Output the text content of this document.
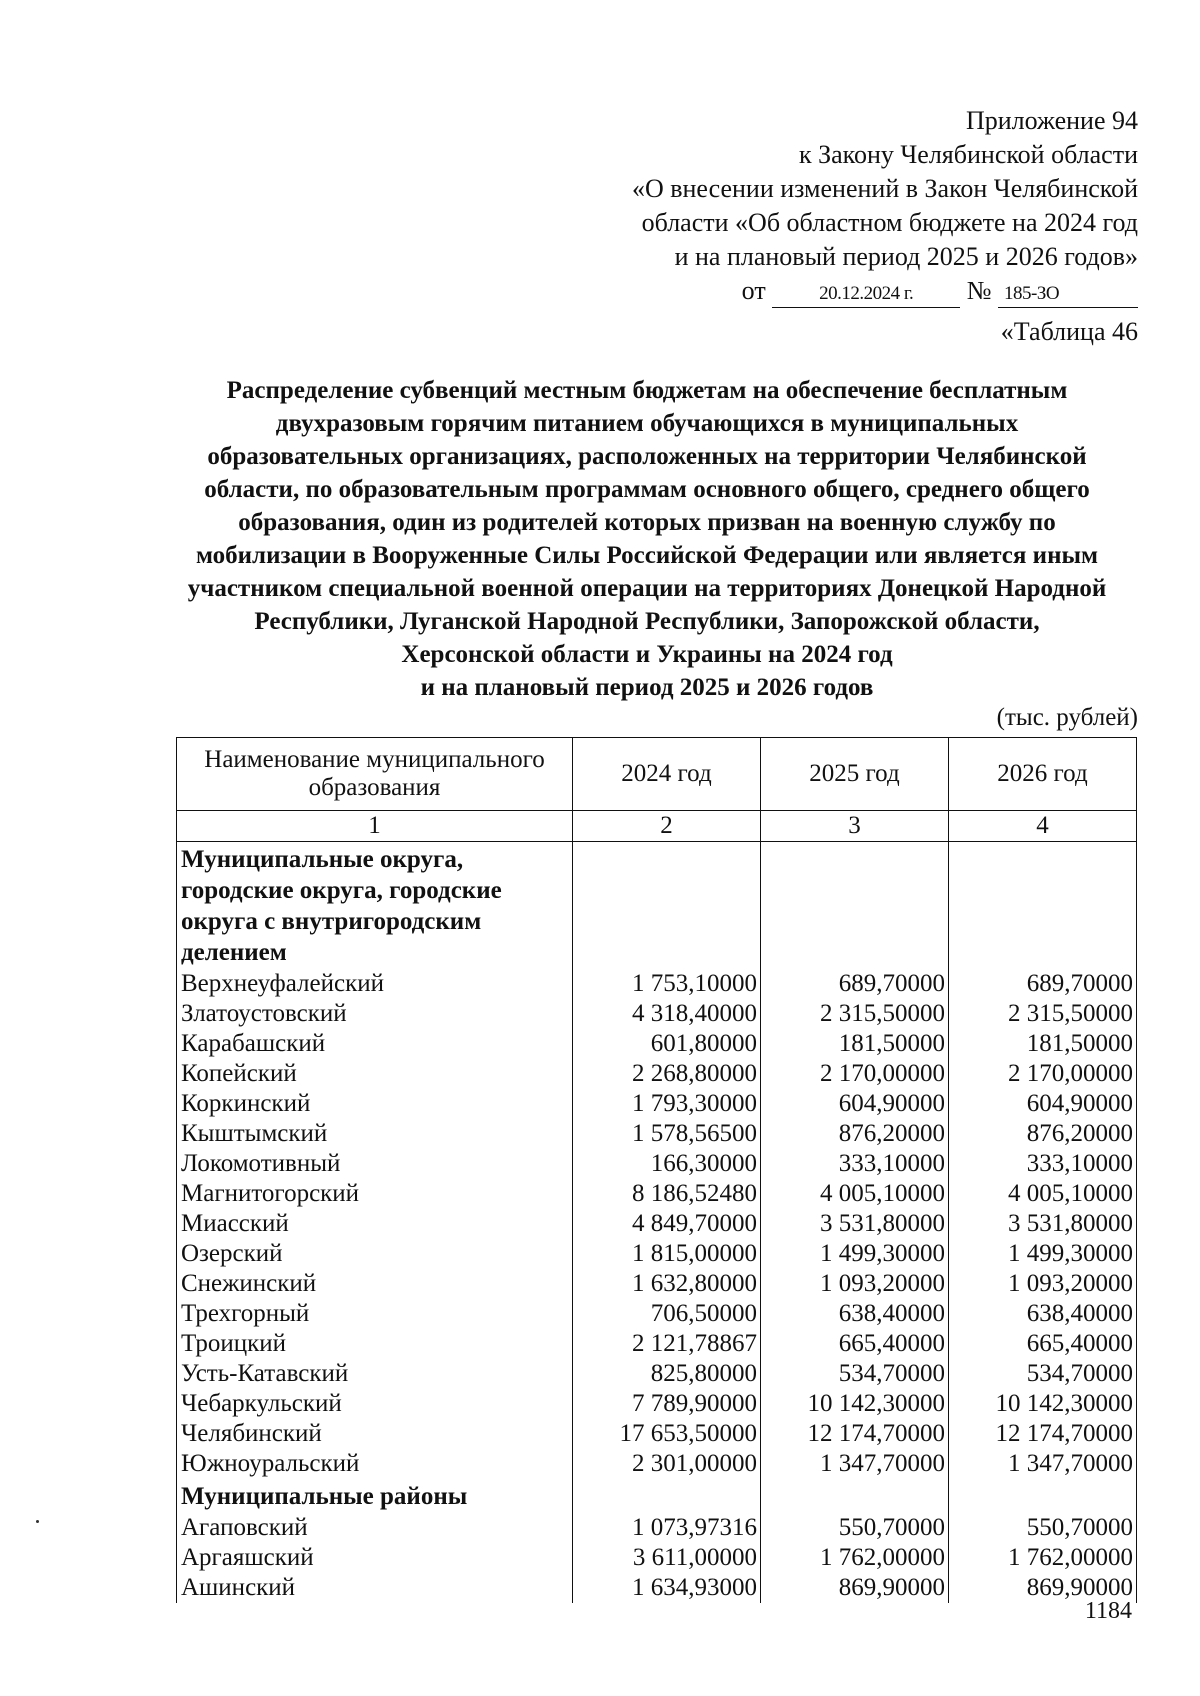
Приложение 94
к Закону Челябинской области
«О внесении изменений в Закон Челябинской
области «Об областном бюджете на 2024 год
и на плановый период 2025 и 2026 годов»
от	20.12.2024 г. № 185-ЗО
«Таблица 46
Распределение субвенций местным бюджетам на обеспечение бесплатным
двухразовым горячим питанием обучающихся в муниципальных
образовательных организациях, расположенных на территории Челябинской
области, по образовательным программам основного общего, среднего общего
образования, один из родителей которых призван на военную службу по
мобилизации в Вооруженные Силы Российской Федерации или является иным
участником специальной военной операции на территориях Донецкой Народной
Республики, Луганской Народной Республики, Запорожской области,
Херсонской области и Украины на 2024 год
и на плановый период 2025 и 2026 годов
(тыс. рублей)
Наименование муниципального образования	2024 год	2025 год	2026 год
1	2	3	4
Муниципальные округа, городские округа, городские округа с внутригородским делением			
Верхнеуфалейский	1 753,10000	689,70000	689,70000
Златоустовский	4 318,40000	2 315,50000	2 315,50000
Карабашский	601,80000	181,50000	181,50000
Копейский	2 268,80000	2 170,00000	2 170,00000
Коркинский	1 793,30000	604,90000	604,90000
Кыштымский	1 578,56500	876,20000	876,20000
Локомотивный	166,30000	333,10000	333,10000
Магнитогорский	8 186,52480	4 005,10000	4 005,10000
Миасский	4 849,70000	3 531,80000	3 531,80000
Озерский	1 815,00000	1 499,30000	1 499,30000
Снежинский	1 632,80000	1 093,20000	1 093,20000
Трехгорный	706,50000	638,40000	638,40000
Троицкий	2 121,78867	665,40000	665,40000
Усть-Катавский	825,80000	534,70000	534,70000
Чебаркульский	7 789,90000	10 142,30000	10 142,30000
Челябинский	17 653,50000	12 174,70000	12 174,70000
Южноуральский	2 301,00000	1 347,70000	1 347,70000
Муниципальные районы			
Агаповский	1 073,97316	550,70000	550,70000
Аргаяшский	3 611,00000	1 762,00000	1 762,00000
Ашинский	1 634,93000	869,90000	869,90000
1184
